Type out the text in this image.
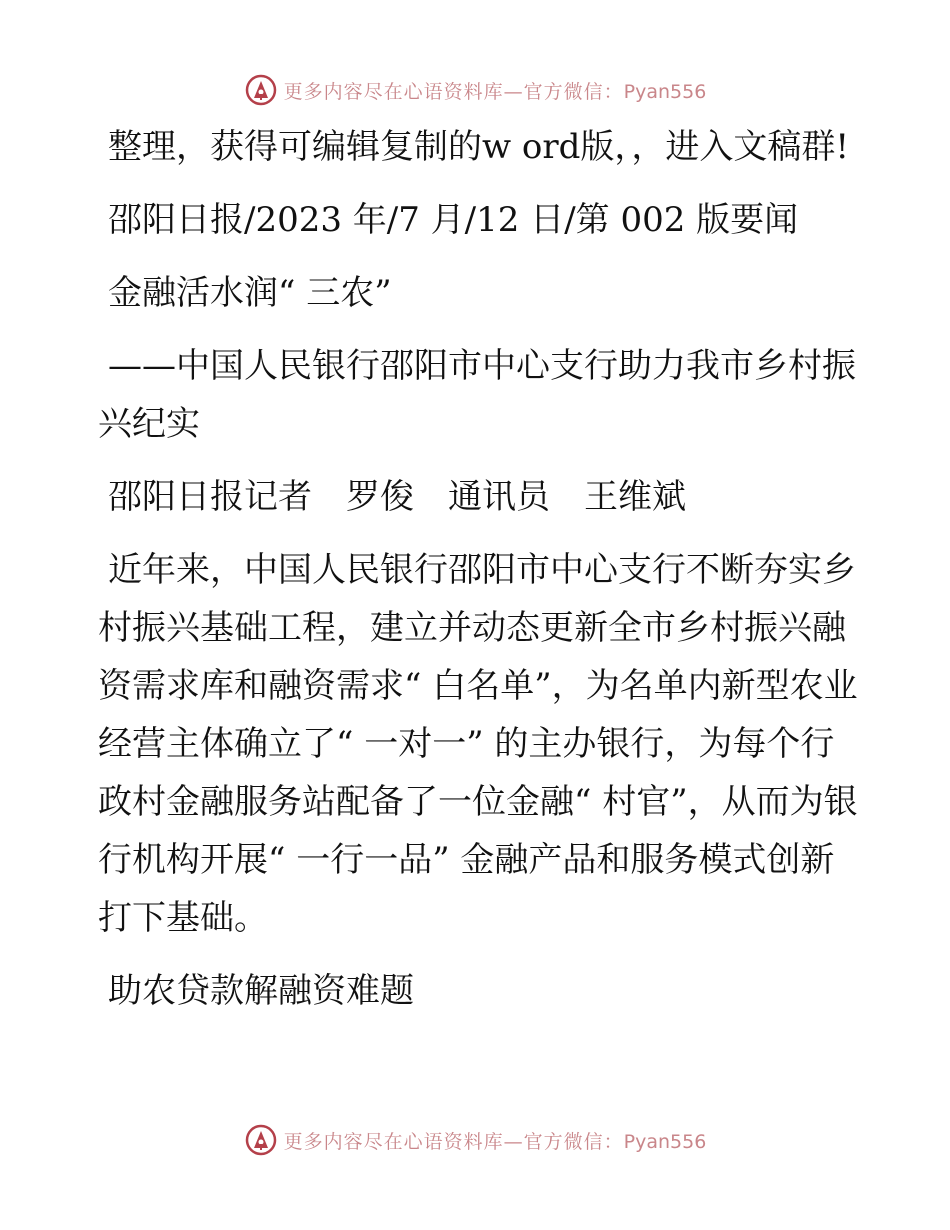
更多内容尽在心语资料库—官方微信：Pyan556

整理，获得可编辑复制的w ord版，，进入文稿群!

邵阳日报/2023 年/7 月/12 日/第 002 版要闻

金融活水润“ 三农”

——中国人民银行邵阳市中心支行助力我市乡村振兴纪实

邵阳日报记者　罗俊　通讯员　王维斌

近年来，中国人民银行邵阳市中心支行不断夯实乡村振兴基础工程，建立并动态更新全市乡村振兴融资需求库和融资需求“ 白名单”，为名单内新型农业经营主体确立了“ 一对一” 的主办银行，为每个行政村金融服务站配备了一位金融“ 村官”，从而为银行机构开展“ 一行一品” 金融产品和服务模式创新打下基础。

助农贷款解融资难题

更多内容尽在心语资料库—官方微信：Pyan556
